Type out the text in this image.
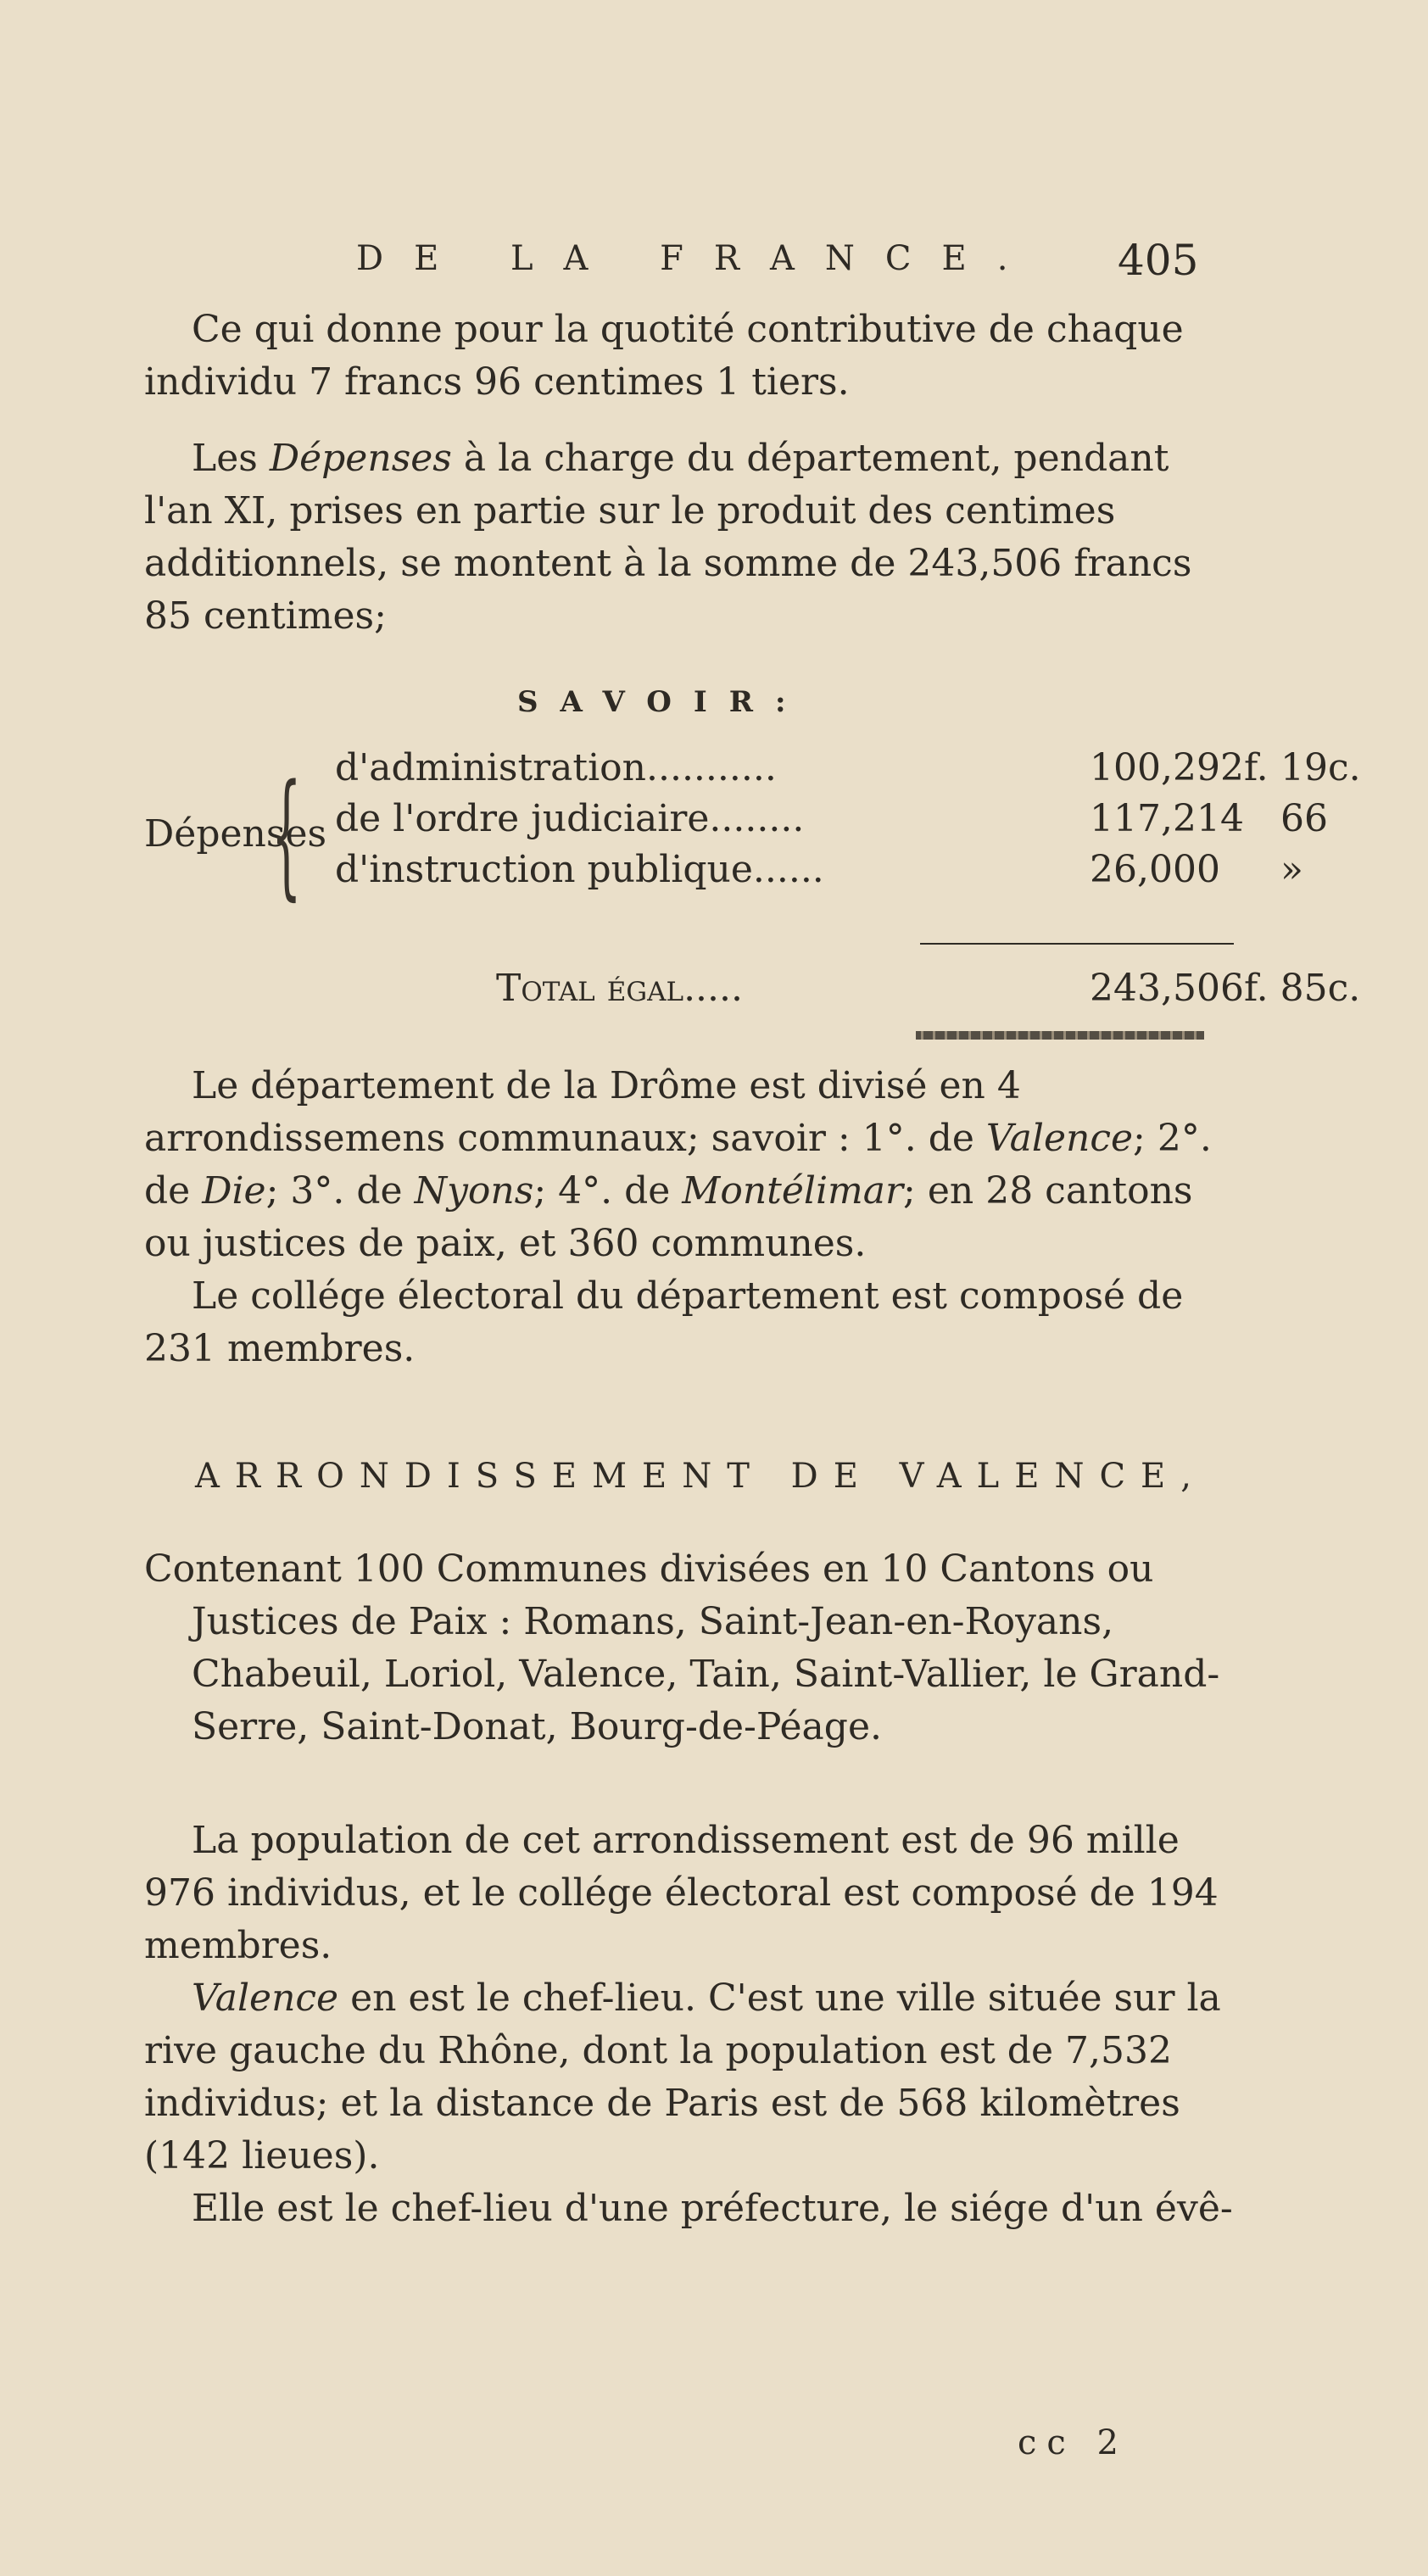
DE LA FRANCE. 405

Ce qui donne pour la quotité contributive de chaque individu 7 francs 96 centimes 1 tiers.

Les Dépenses à la charge du département, pendant l'an XI, prises en partie sur le produit des centimes additionnels, se montent à la somme de 243,506 francs 85 centimes;

SAVOIR:
Dépenses
{ d'administration...........	100,292f. 19c.
de l'ordre judiciaire........	117,214 66
d'instruction publique......	26,000 »
Total égal.....	243,506f. 85c.

Le département de la Drôme est divisé en 4 arrondissemens communaux; savoir : 1°. de Valence; 2°. de Die; 3°. de Nyons; 4°. de Montélimar; en 28 cantons ou justices de paix, et 360 communes.

Le collége électoral du département est composé de 231 membres.

ARRONDISSEMENT DE VALENCE,

Contenant 100 Communes divisées en 10 Cantons ou Justices de Paix : Romans, Saint-Jean-en-Royans, Chabeuil, Loriol, Valence, Tain, Saint-Vallier, le Grand-Serre, Saint-Donat, Bourg-de-Péage.

La population de cet arrondissement est de 96 mille 976 individus, et le collége électoral est composé de 194 membres.

Valence en est le chef-lieu. C'est une ville située sur la rive gauche du Rhône, dont la population est de 7,532 individus; et la distance de Paris est de 568 kilomètres (142 lieues).

Elle est le chef-lieu d'une préfecture, le siége d'un évê-

cc 2
